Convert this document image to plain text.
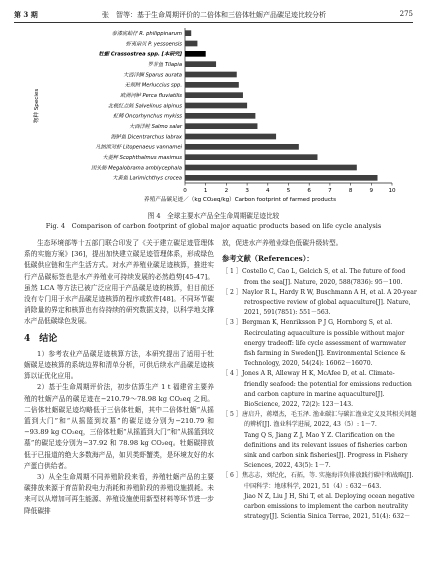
第 3 期	张　智等：基于生命周期评价的二倍体和三倍体牡蛎产品碳足迹比较分析	275
物种 Species
泰漆底蛤仔 R. philippinarum
虾夷扇贝 P. yessoensis
牡蛎 Crassostrea spp. [本研究]
罗非鱼 Tilapia
大西洋鲷 Sparus aurata
无须鳕 Merluccius spp.
欧洲河鲈 Perca fluviatilis
北极红点鲑 Salvelinus alpinus
虹鳟 Oncorhynchus mykiss
大西洋鲑 Salmo salar
海鲈鱼 Dicentrarchus labrax
凡纳滨对虾 Litopenaeus vannamei
大菱鲆 Scophthalmus maximus
团头鲂 Megalobrama amblycephala
大黄鱼 Larimichthys crocea
0	1	2	3	4	5	6	7	8	9	10
养殖产品碳足迹／（kg CO₂eq/kg）Carbon footprint of farmed products
图 4　全球主要水产品全生命周期碳足迹比较
Fig. 4　Comparison of carbon footprint of global major aquatic products based on life cycle analysis

生态环境部等十五部门联合印发了《关于建立碳足迹管理体系的实施方案》[36]，提出加快建立碳足迹管理体系，形成绿色低碳供应链和生产生活方式。对水产养殖业碳足迹核算，推进实行产品碳标签也是水产养殖业可持续发展的必然趋势[45-47]。虽然 LCA 等方法已被广泛应用于产品碳足迹的核算，但目前还没有专门用于水产品碳足迹核算的程序或软件[48]。不同环节碳消除量的界定和核算也有待持续的研究数据支持，以科学地支撑水产品低碳绿色发展。

4　结论

1）参考农业产品碳足迹核算方法，本研究提出了适用于牡蛎碳足迹核算的系统边界和清单分析，可供后续水产品碳足迹核算以证优化应用。

2）基于生命周期评价法，初步估算生产 1 t 福建省主要养殖的牡蛎产品的碳足迹在−210.79～78.98 kg CO₂eq 之间。二倍体牡蛎碳足迹均略低于三倍体牡蛎，其中二倍体牡蛎“从摇篮到大门”和“从摇篮到坟墓”的碳足迹分别为−210.79 和−93.89 kg CO₂eq，三倍体牡蛎“从摇篮到大门”和“从摇篮到坟墓”的碳足迹分别为−37.92 和 78.98 kg CO₂eq。牡蛎碳排放低于已报道的绝大多数海产品，如贝类虾蟹类，是环境友好的水产蛋白供给者。

3）从全生命周期不同养殖阶段来看，养殖牡蛎产品的主要碳排放来源于育苗阶段电力消耗和养殖阶段的养殖设施损耗。未来可以从增加可再生能源、养殖设施使用新型材料等环节进一步降低碳排

放，促进水产养殖业绿色低碳升级转型。

参考文献（References）：

［ 1 ］Costello C, Cao L, Gelcich S, et al. The future of food from the sea[J]. Nature, 2020, 588(7836): 95－100.

［ 2 ］Naylor R L, Hardy R W, Buschmann A H, et al. A 20-year retrospective review of global aquaculture[J]. Nature, 2021, 591(7851): 551－563.

［ 3 ］Bergman K, Henriksson P J G, Hornborg S, et al. Recirculating aquaculture is possible without major energy tradeoff: life cycle assessment of warmwater fish farming in Sweden[J]. Environmental Science & Technology, 2020, 54(24): 16062－16070.

［ 4 ］Jones A R, Alleway H K, McAfee D, et al. Climate-friendly seafood: the potential for emissions reduction and carbon capture in marine aquaculture[J]. BioScience, 2022, 72(2): 123－143.

［ 5 ］唐启升，蒋增杰，毛玉泽. 渔业碳汇与碳汇渔业定义及其相关问题的辨析[J]. 渔业科学进展, 2022, 43（5）: 1－7.

Tang Q S, Jiang Z J, Mao Y Z. Clarification on the definitions and its relevant issues of fisheries carbon sink and carbon sink fisheries[J]. Progress in Fishery Sciences, 2022, 43(5): 1－7.

［ 6 ］焦志志，刘纪化，石拓，等. 实施海洋负排放践行碳中和战略[J]. 中国科学：地球科学, 2021, 51（4）: 632－643.

Jiao N Z, Liu J H, Shi T, et al. Deploying ocean negative carbon emissions to implement the carbon neutrality strategy[J]. Scientia Sinica Terrae, 2021, 51(4): 632－
